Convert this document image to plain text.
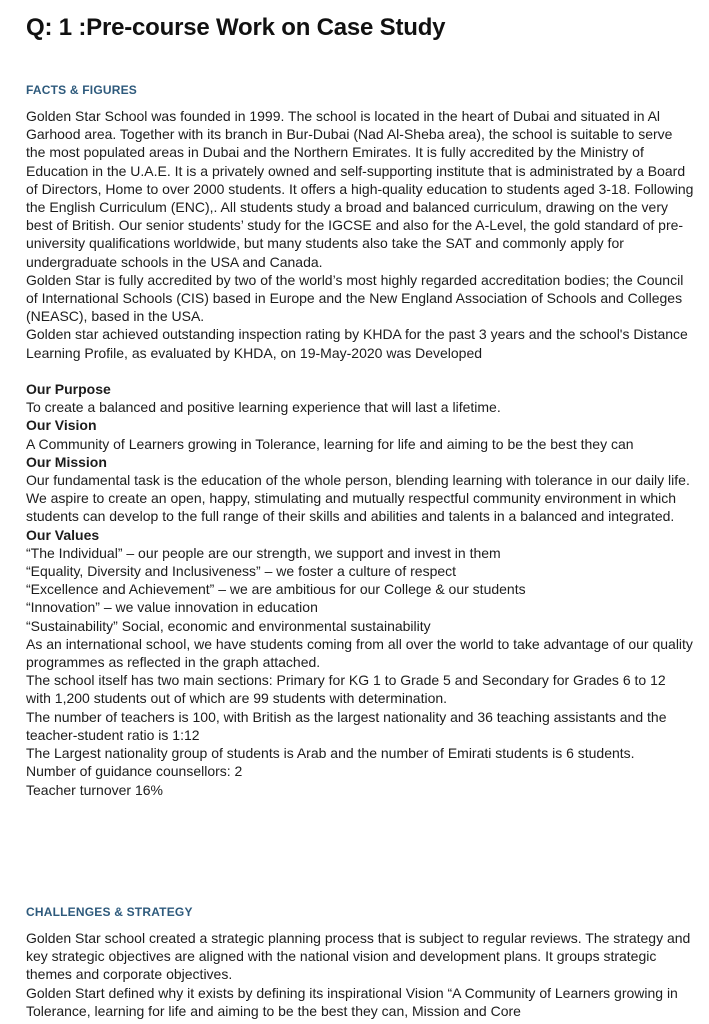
Q: 1 :Pre-course Work on Case Study
FACTS & FIGURES

Golden Star School was founded in 1999. The school is located in the heart of Dubai and situated in Al Garhood area. Together with its branch in Bur-Dubai (Nad Al-Sheba area), the school is suitable to serve the most populated areas in Dubai and the Northern Emirates. It is fully accredited by the Ministry of Education in the U.A.E. It is a privately owned and self-supporting institute that is administrated by a Board of Directors, Home to over 2000 students. It offers a high-quality education to students aged 3-18. Following the English Curriculum (ENC),. All students study a broad and balanced curriculum, drawing on the very best of British. Our senior students’ study for the IGCSE and also for the A-Level, the gold standard of pre-university qualifications worldwide, but many students also take the SAT and commonly apply for undergraduate schools in the USA and Canada.

Golden Star is fully accredited by two of the world’s most highly regarded accreditation bodies; the Council of International Schools (CIS) based in Europe and the New England Association of Schools and Colleges (NEASC), based in the USA.

Golden star achieved outstanding inspection rating by KHDA for the past 3 years and the school's Distance Learning Profile, as evaluated by KHDA, on 19-May-2020 was Developed

Our Purpose

To create a balanced and positive learning experience that will last a lifetime.

Our Vision

A Community of Learners growing in Tolerance, learning for life and aiming to be the best they can

Our Mission

Our fundamental task is the education of the whole person, blending learning with tolerance in our daily life. We aspire to create an open, happy, stimulating and mutually respectful community environment in which students can develop to the full range of their skills and abilities and talents in a balanced and integrated.

Our Values

“The Individual” – our people are our strength, we support and invest in them

“Equality, Diversity and Inclusiveness” – we foster a culture of respect

“Excellence and Achievement” – we are ambitious for our College & our students

“Innovation” – we value innovation in education

“Sustainability” Social, economic and environmental sustainability

As an international school, we have students coming from all over the world to take advantage of our quality programmes as reflected in the graph attached.

The school itself has two main sections: Primary for KG 1 to Grade 5 and Secondary for Grades 6 to 12 with 1,200 students out of which are 99 students with determination.

The number of teachers is 100, with British as the largest nationality and 36 teaching assistants and the teacher-student ratio is 1:12

The Largest nationality group of students is Arab and the number of Emirati students is 6 students.

Number of guidance counsellors: 2

Teacher turnover 16%

CHALLENGES & STRATEGY

Golden Star school created a strategic planning process that is subject to regular reviews. The strategy and key strategic objectives are aligned with the national vision and development plans. It groups strategic themes and corporate objectives.

Golden Start defined why it exists by defining its inspirational Vision “A Community of Learners growing in Tolerance, learning for life and aiming to be the best they can, Mission and Core
